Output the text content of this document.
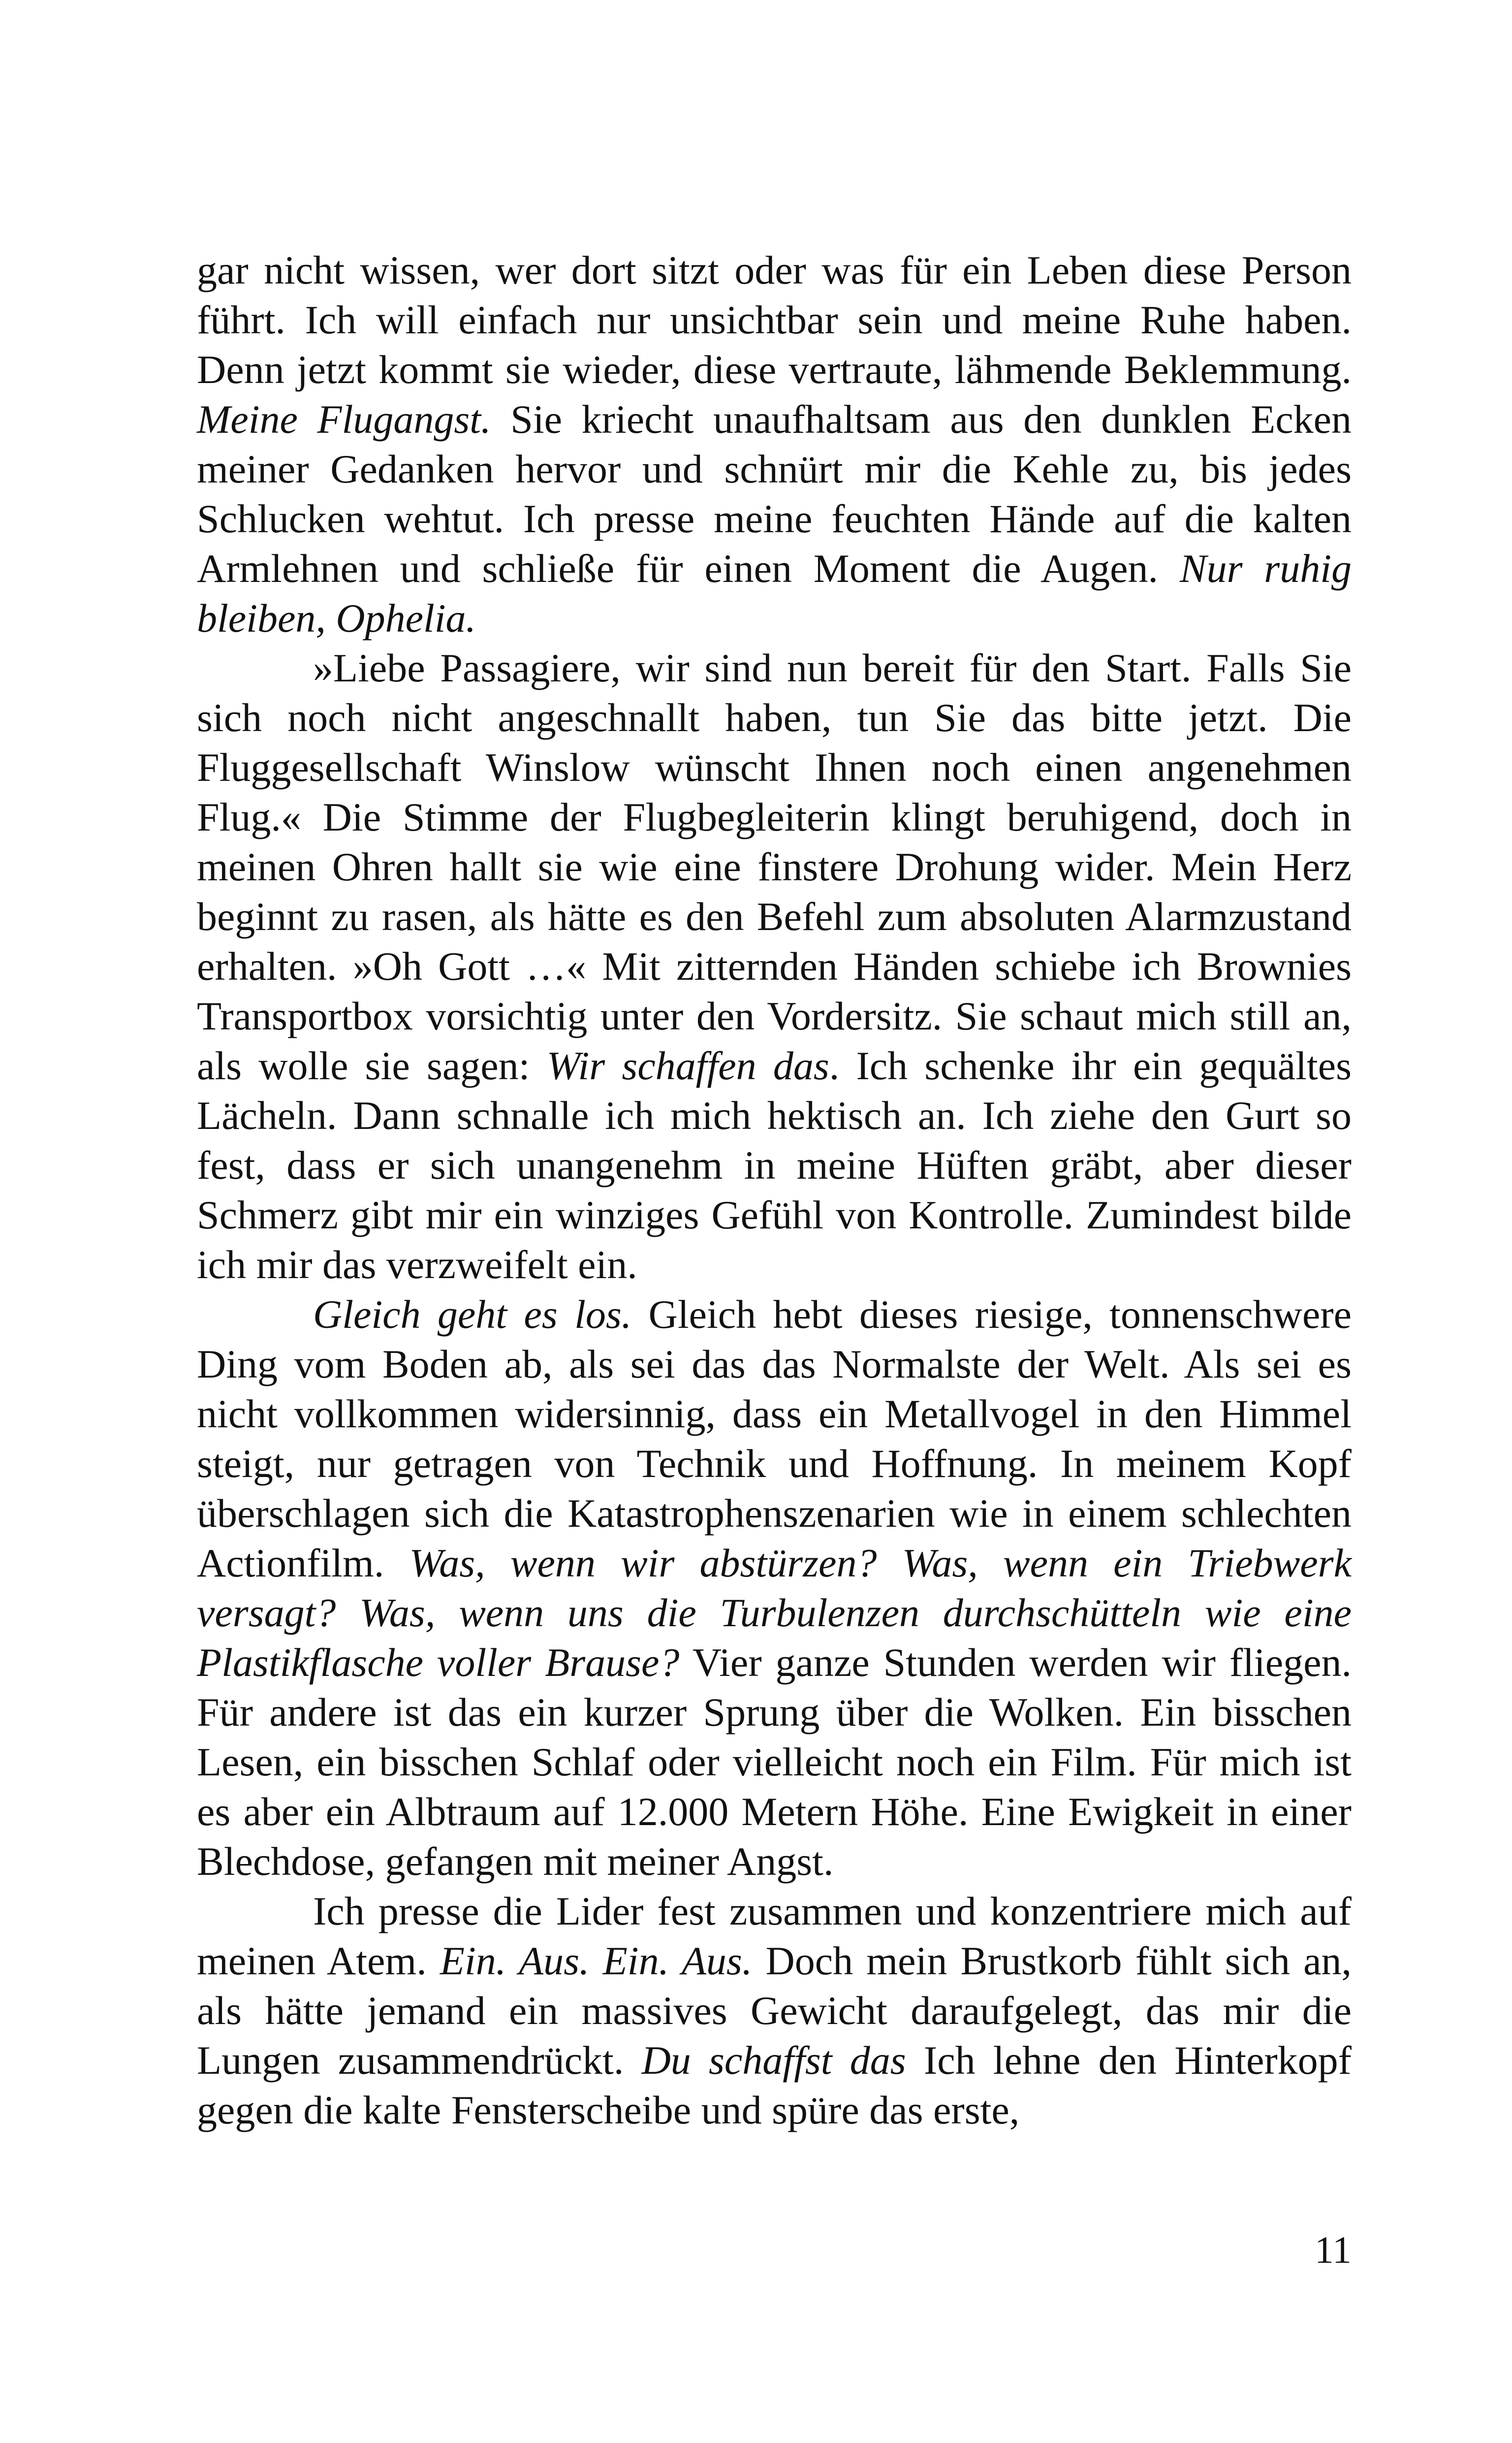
gar nicht wissen, wer dort sitzt oder was für ein Leben diese Person führt. Ich will einfach nur unsichtbar sein und meine Ruhe haben. Denn jetzt kommt sie wieder, diese vertraute, lähmende Beklemmung. Meine Flugangst. Sie kriecht unaufhaltsam aus den dunklen Ecken meiner Gedanken hervor und schnürt mir die Kehle zu, bis jedes Schlucken wehtut. Ich presse meine feuchten Hände auf die kalten Armlehnen und schließe für einen Moment die Augen. Nur ruhig bleiben, Ophelia.

»Liebe Passagiere, wir sind nun bereit für den Start. Falls Sie sich noch nicht angeschnallt haben, tun Sie das bitte jetzt. Die Fluggesellschaft Winslow wünscht Ihnen noch einen angenehmen Flug.« Die Stimme der Flugbegleiterin klingt beruhigend, doch in meinen Ohren hallt sie wie eine finstere Drohung wider. Mein Herz beginnt zu rasen, als hätte es den Befehl zum absoluten Alarmzustand erhalten. »Oh Gott …« Mit zitternden Händen schiebe ich Brownies Transportbox vorsichtig unter den Vordersitz. Sie schaut mich still an, als wolle sie sagen: Wir schaffen das. Ich schenke ihr ein gequältes Lächeln. Dann schnalle ich mich hektisch an. Ich ziehe den Gurt so fest, dass er sich unangenehm in meine Hüften gräbt, aber dieser Schmerz gibt mir ein winziges Gefühl von Kontrolle. Zumindest bilde ich mir das verzweifelt ein.

Gleich geht es los. Gleich hebt dieses riesige, tonnenschwere Ding vom Boden ab, als sei das das Normalste der Welt. Als sei es nicht vollkommen widersinnig, dass ein Metallvogel in den Himmel steigt, nur getragen von Technik und Hoffnung. In meinem Kopf überschlagen sich die Katastrophenszenarien wie in einem schlechten Actionfilm. Was, wenn wir abstürzen? Was, wenn ein Triebwerk versagt? Was, wenn uns die Turbulenzen durchschütteln wie eine Plastikflasche voller Brause? Vier ganze Stunden werden wir fliegen. Für andere ist das ein kurzer Sprung über die Wolken. Ein bisschen Lesen, ein bisschen Schlaf oder vielleicht noch ein Film. Für mich ist es aber ein Albtraum auf 12.000 Metern Höhe. Eine Ewigkeit in einer Blechdose, gefangen mit meiner Angst.

Ich presse die Lider fest zusammen und konzentriere mich auf meinen Atem. Ein. Aus. Ein. Aus. Doch mein Brustkorb fühlt sich an, als hätte jemand ein massives Gewicht daraufgelegt, das mir die Lungen zusammendrückt. Du schaffst das Ich lehne den Hinterkopf gegen die kalte Fensterscheibe und spüre das erste,

11
